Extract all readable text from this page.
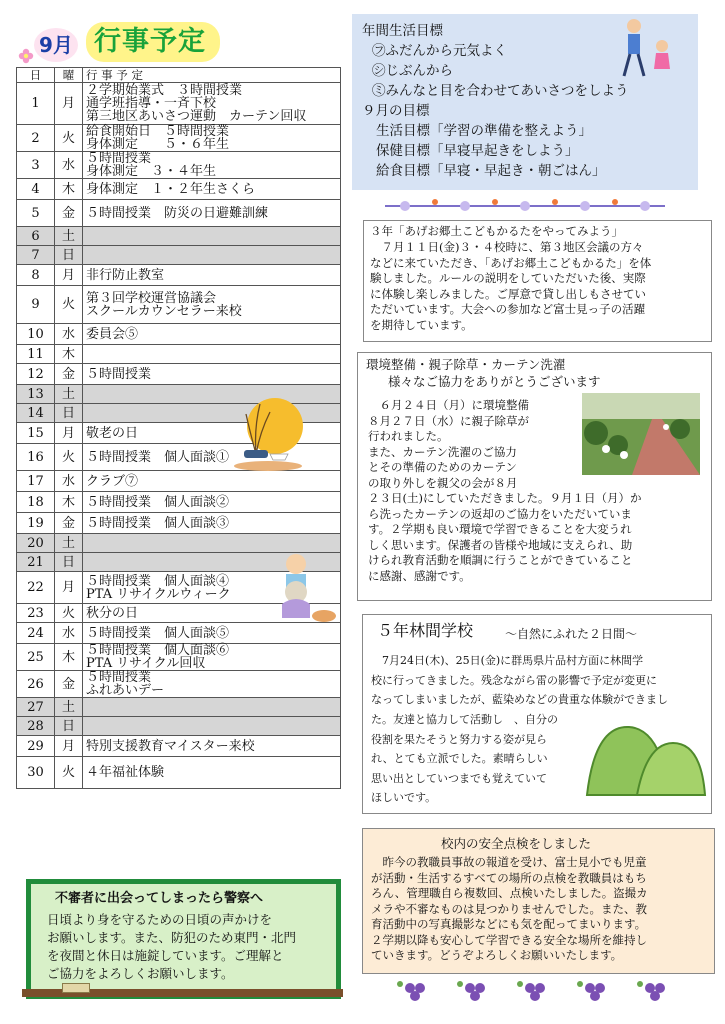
9月 行事予定
日	曜	行 事 予 定
1	月	２学期始業式　３時間授業
通学班指導・一斉下校
第三地区あいさつ運動　カーテン回収

2	火	給食開始日　５時間授業
身体測定　　５・６年生

3	水	５時間授業
身体測定　３・４年生

4	木	身体測定　１・２年生さくら

5	金	５時間授業　防災の日避難訓練

6	土	
7	日	
8	月	非行防止教室

9	火	第３回学校運営協議会
スクールカウンセラー来校

10	水	委員会⑤

11	木	
12	金	５時間授業

13	土	
14	日	
15	月	敬老の日

16	火	５時間授業　個人面談①

17	水	クラブ⑦

18	木	５時間授業　個人面談②

19	金	５時間授業　個人面談③

20	土	
21	日	
22	月	５時間授業　個人面談④
PTA リサイクルウィーク

23	火	秋分の日

24	水	５時間授業　個人面談⑤

25	木	５時間授業　個人面談⑥
PTA リサイクル回収

26	金	５時間授業
ふれあいデー

27	土	
28	日	
29	月	特別支援教育マイスター来校

30	火	４年福祉体験
年間生活目標
㋫ふだんから元気よく
㋛じぶんから
㋯みんなと目を合わせてあいさつをしよう
９月の目標
生活目標「学習の準備を整えよう」
保健目標「早寝早起きをしよう」
給食目標「早寝・早起き・朝ごはん」
３年「あげお郷土こどもかるたをやってみよう」

　７月１１日(金)３・４校時に、第３地区会議の方々

などに来ていただき、「あげお郷土こどもかるた」を体

験しました。ルールの説明をしていただいた後、実際

に体験し楽しみました。ご厚意で貸し出しもさせてい

ただいています。大会への参加など富士見っ子の活躍

を期待しています。

環境整備・親子除草・カーテン洗濯
様々なご協力をありがとうございます

　６月２４日（月）に環境整備

８月２７日（水）に親子除草が

行われました。

また、カーテン洗濯のご協力

とその準備のためのカーテン

の取り外しを親父の会が８月

２３日(土)にしていただきました。９月１日（月）か

ら洗ったカーテンの返却のご協力をいただいていま

す。２学期も良い環境で学習できることを大変うれ

しく思います。保護者の皆様や地域に支えられ、助

けられ教育活動を順調に行うことができていること

に感謝、感謝です。

５年林間学校	～自然にふれた２日間～

　7月24日(木)、25日(金)に群馬県片品村方面に林間学

校に行ってきました。残念ながら雷の影響で予定が変更に

なってしまいましたが、藍染めなどの貴重な体験ができまし

た。友達と協力して活動し　、自分の

役割を果たそうと努力する姿が見ら

れ、とても立派でした。素晴らしい

思い出としていつまでも覚えていて

ほしいです。

校内の安全点検をしました

　昨今の教職員事故の報道を受け、富士見小でも児童

が活動・生活するすべての場所の点検を教職員はもち

ろん、管理職自ら複数回、点検いたしました。盗撮カ

メラや不審なものは見つかりませんでした。また、教

育活動中の写真撮影などにも気を配ってまいります。

２学期以降も安心して学習できる安全な場所を維持し

ていきます。どうぞよろしくお願いいたします。

不審者に出会ってしまったら警察へ
日頃より身を守るための日頃の声かけを
お願いします。また、防犯のため東門・北門
を夜間と休日は施錠しています。ご理解と
ご協力をよろしくお願いします。
